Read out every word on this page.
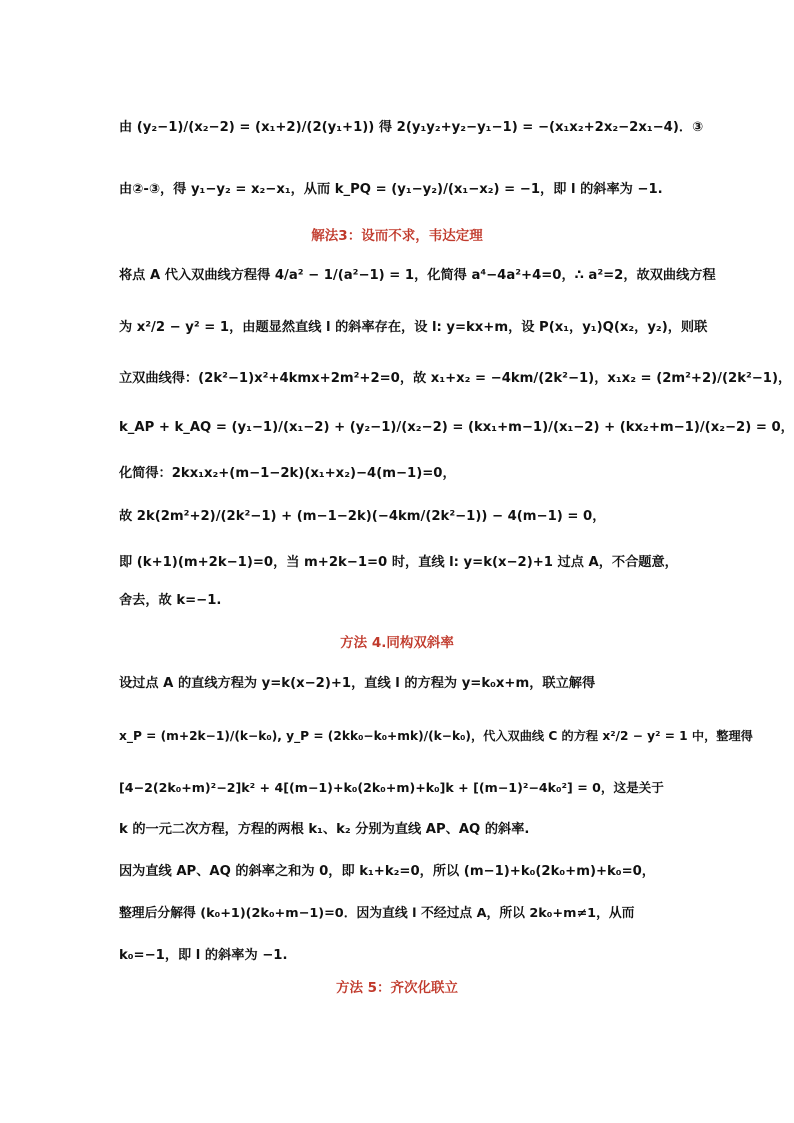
由 (y₂−1)/(x₂−2) = (x₁+2)/(2(y₁+1)) 得 2(y₁y₂+y₂−y₁−1) = −(x₁x₂+2x₂−2x₁−4)．③
由②-③，得 y₁−y₂ = x₂−x₁，从而 k_PQ = (y₁−y₂)/(x₁−x₂) = −1，即 l 的斜率为 −1.
解法3：设而不求，韦达定理
将点 A 代入双曲线方程得 4/a² − 1/(a²−1) = 1，化简得 a⁴−4a²+4=0，∴ a²=2，故双曲线方程
为 x²/2 − y² = 1，由题显然直线 l 的斜率存在，设 l: y=kx+m，设 P(x₁，y₁)Q(x₂，y₂)，则联
立双曲线得：(2k²−1)x²+4kmx+2m²+2=0，故 x₁+x₂ = −4km/(2k²−1)，x₁x₂ = (2m²+2)/(2k²−1)，
k_AP + k_AQ = (y₁−1)/(x₁−2) + (y₂−1)/(x₂−2) = (kx₁+m−1)/(x₁−2) + (kx₂+m−1)/(x₂−2) = 0，
化简得：2kx₁x₂+(m−1−2k)(x₁+x₂)−4(m−1)=0，
故 2k(2m²+2)/(2k²−1) + (m−1−2k)(−4km/(2k²−1)) − 4(m−1) = 0，
即 (k+1)(m+2k−1)=0，当 m+2k−1=0 时，直线 l: y=k(x−2)+1 过点 A，不合题意，
舍去，故 k=−1.
方法 4.同构双斜率
设过点 A 的直线方程为 y=k(x−2)+1，直线 l 的方程为 y=k₀x+m，联立解得
x_P = (m+2k−1)/(k−k₀), y_P = (2kk₀−k₀+mk)/(k−k₀)，代入双曲线 C 的方程 x²/2 − y² = 1 中，整理得
[4−2(2k₀+m)²−2]k² + 4[(m−1)+k₀(2k₀+m)+k₀]k + [(m−1)²−4k₀²] = 0，这是关于
k 的一元二次方程，方程的两根 k₁、k₂ 分别为直线 AP、AQ 的斜率.
因为直线 AP、AQ 的斜率之和为 0，即 k₁+k₂=0，所以 (m−1)+k₀(2k₀+m)+k₀=0，
整理后分解得 (k₀+1)(2k₀+m−1)=0．因为直线 l 不经过点 A，所以 2k₀+m≠1，从而
k₀=−1，即 l 的斜率为 −1.
方法 5：齐次化联立
